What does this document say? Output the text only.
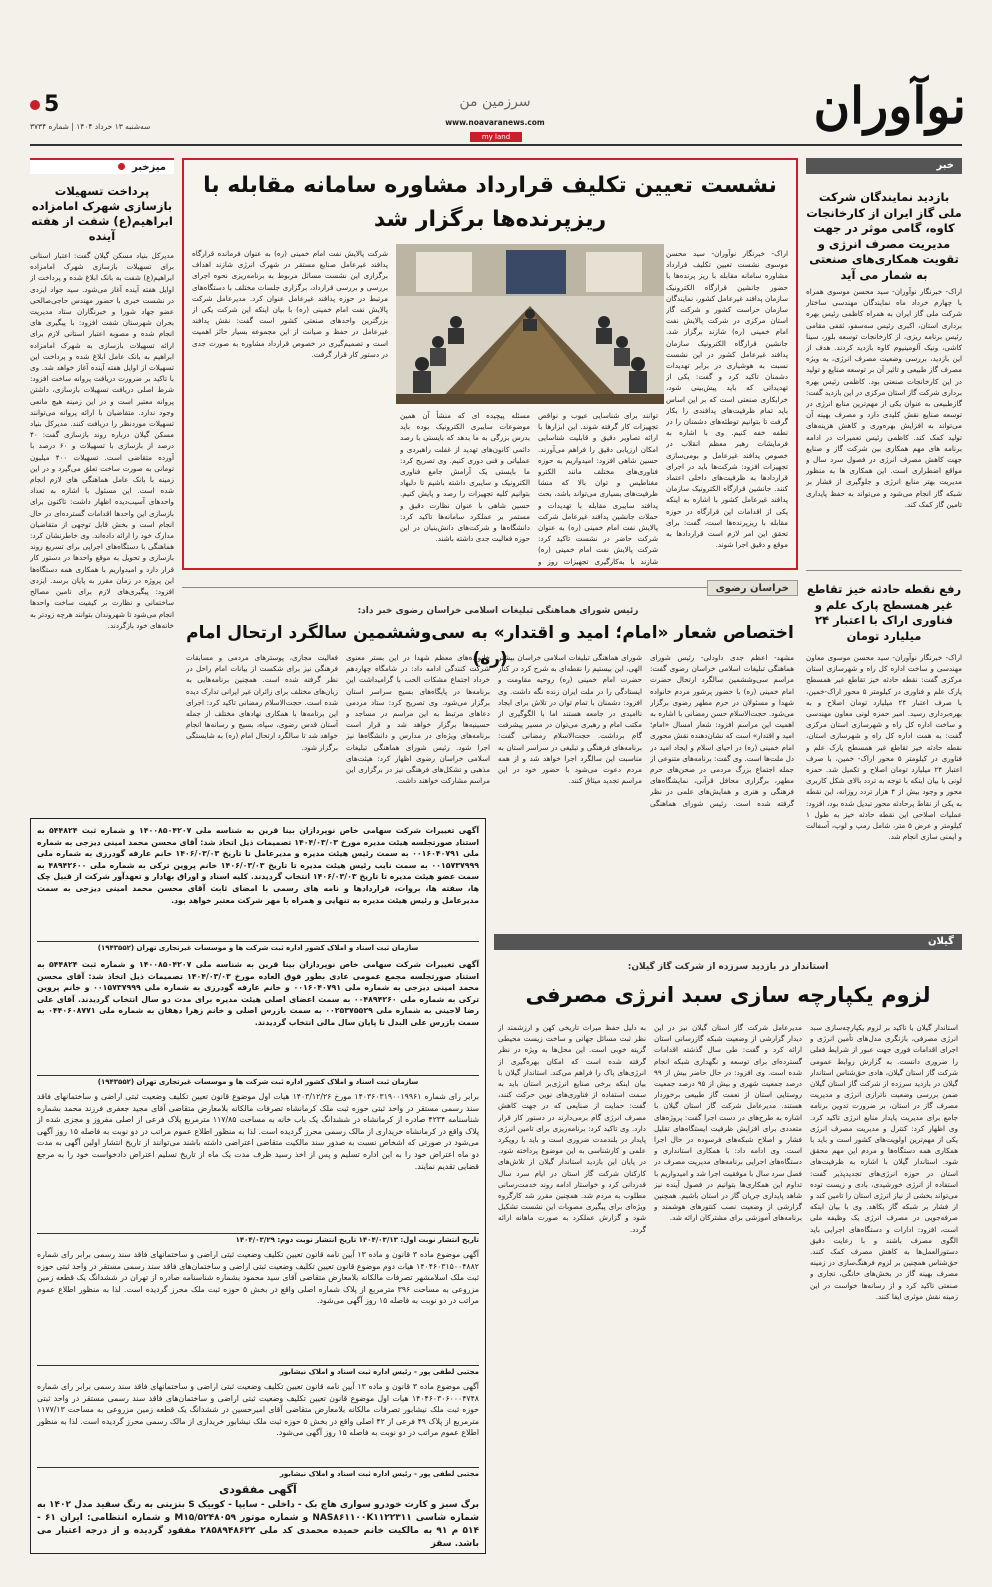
5
سه‌شنبه ۱۳ خرداد ۱۴۰۴ | شماره ۳۷۳۴
سرزمین من
www.noavaranews.com
my land
نوآوران
میزخبر
پرداخت تسهیلات بازسازی شهرک امامزاده ابراهیم(ع) شفت از هفته آینده
مدیرکل بنیاد مسکن گیلان گفت: اعتبار استانی برای تسهیلات بازسازی شهرک امامزاده ابراهیم(ع) شفت به بانک ابلاغ شده و پرداخت از اوایل هفته آینده آغاز می‌شود. سید جواد ایزدی در نشست خبری با حضور مهندس حاجی‌صالحی عضو جهاد شورا و خبرنگاران ستاد مدیریت بحران شهرستان شفت افزود: با پیگیری های انجام شده و مصوبه اعتبار استانی لازم برای ارائه تسهیلات بازسازی به شهرک امامزاده ابراهیم به بانک عامل ابلاغ شده و پرداخت این تسهیلات از اوایل هفته آینده آغاز خواهد شد. وی با تاکید بر ضرورت دریافت پروانه ساخت افزود: شرط اصلی دریافت تسهیلات بازسازی، داشتن پروانه معتبر است و در این زمینه هیچ مانعی وجود ندارد. متقاضیان با ارائه پروانه می‌توانند تسهیلات موردنظر را دریافت کنند. مدیرکل بنیاد مسکن گیلان درباره روند بازسازی گفت: ۴۰ درصد از بازسازی با تسهیلات و ۶۰ درصد با آورده متقاضی است. تسهیلات ۴۰۰ میلیون تومانی به صورت ساخت تعلق می‌گیرد و در این زمینه با بانک عامل هماهنگی های لازم انجام شده است. این مسئول با اشاره به تعداد واحدهای آسیب‌دیده اظهار داشت: تاکنون برای بازسازی این واحدها اقدامات گسترده‌ای در حال انجام است و بخش قابل توجهی از متقاضیان مدارک خود را ارائه داده‌اند. وی خاطرنشان کرد: هماهنگی با دستگاه‌های اجرایی برای تسریع روند بازسازی و تحویل به موقع واحدها در دستور کار قرار دارد و امیدواریم با همکاری همه دستگاه‌ها این پروژه در زمان مقرر به پایان برسد. ایزدی افزود: پیگیری‌های لازم برای تامین مصالح ساختمانی و نظارت بر کیفیت ساخت واحدها انجام می‌شود تا شهروندان بتوانند هرچه زودتر به خانه‌های خود بازگردند.
خبر
بازدید نمایندگان شرکت ملی گاز ایران از کارخانجات کاوه، گامی موثر در جهت مدیریت مصرف انرژی و تقویت همکاری‌های صنعتی به شمار می آید
اراک- خبرنگار نوآوران- سید محسن موسوی همراه با چهارم خرداد ماه نمایندگان مهندسی ساختار شرکت ملی گاز ایران به همراه کاظمی رئیس بهره برداری استان، اکبری رئیس سه‌سفو، ثقفی مقامی رئیس برنامه ریزی، از کارخانجات توسعه بلور، سینا کاشی، ونیک آلومینیوم کاوه بازدید کردند. هدف از این بازدید، بررسی وضعیت مصرف انرژی، به ویژه مصرف گاز طبیعی و تاثیر آن بر توسعه صنایع و تولید در این کارخانجات صنعتی بود. کاظمی رئیس بهره برداری شرکت گاز استان مرکزی در این بازدید گفت: گازطبیعی به عنوان یکی از مهم‌ترین منابع انرژی در توسعه صنایع نقش کلیدی دارد و مصرف بهینه آن می‌تواند به افزایش بهره‌وری و کاهش هزینه‌های تولید کمک کند. کاظمی رئیس تعمیرات در ادامه برنامه های مهم همکاری بین شرکت گاز و صنایع جهت کاهش مصرف انرژی در فصول سرد سال و مواقع اضطراری است. این همکاری ها به منظور مدیریت بهتر منابع انرژی و جلوگیری از فشار بر شبکه گاز انجام می‌شود و می‌تواند به حفظ پایداری تامین گاز کمک کند.
رفع نقطه حادثه خیز تقاطع غیر همسطح پارک علم و فناوری اراک با اعتبار ۲۴ میلیارد تومان
اراک- خبرنگار نوآوران- سید محسن موسوی معاون مهندسی و ساخت اداره کل راه و شهرسازی استان مرکزی گفت: نقطه حادثه خیز تقاطع غیر همسطح پارک علم و فناوری در کیلومتر ۵ محور اراک-خمین، با صرف اعتبار ۲۴ میلیارد تومان اصلاح و به بهره‌برداری رسید. امیر حمزه لونی معاون مهندسی و ساخت اداره کل راه و شهرسازی استان مرکزی گفت: به همت اداره کل راه و شهرسازی استان، نقطه حادثه خیز تقاطع غیر همسطح پارک علم و فناوری در کیلومتر ۵ محور اراک- خمین، با صرف اعتبار ۲۴ میلیارد تومان اصلاح و تکمیل شد. حمزه لونی با بیان اینکه با توجه به تردد بالای شکل کاربری محور و وجود بیش از ۴ هزار تردد روزانه، این نقطه به یکی از نقاط پرحادثه محور تبدیل شده بود، افزود: عملیات اصلاحی این نقطه حادثه خیز به طول ۱ کیلومتر و عرض ۵ متر، شامل رمپ و لوپ، آسفالت و ایمنی سازی انجام شد.
نشست تعیین تکلیف قرارداد مشاوره سامانه مقابله با
ریزپرنده‌ها برگزار شد
اراک- خبرنگار نوآوران- سید محسن موسوی نشست تعیین تکلیف قرارداد مشاوره سامانه مقابله با ریز پرنده‌ها با حضور جانشین قرارگاه الکترونیک سازمان پدافند غیرعامل کشور، نمایندگان سازمان حراست کشور و شرکت گاز استان مرکزی در شرکت پالایش نفت امام خمینی (ره) شازند برگزار شد. جانشین قرارگاه الکترونیک سازمان پدافند غیرعامل کشور در این نشست نسبت به هوشیاری در برابر تهدیدات دشمنان تاکید کرد و گفت: یکی از تهدیداتی که باید پیش‌بینی شود، خرابکاری صنعتی است که بر این اساس باید تمام ظرفیت‌های پدافندی را بکار گرفت تا بتوانیم توطئه‌های دشمنان را در نطفه خفه کنیم. وی با اشاره به فرمایشات رهبر معظم انقلاب در خصوص پدافند غیرعامل و بومی‌سازی تجهیزات افزود: شرکت‌ها باید در اجرای قراردادها به ظرفیت‌های داخلی اعتماد کنند. جانشین قرارگاه الکترونیک سازمان پدافند غیرعامل کشور با اشاره به اینکه یکی از اقدامات این قرارگاه در حوزه مقابله با ریزپرنده‌ها است، گفت: برای تحقق این امر لازم است قراردادها به موقع و دقیق اجرا شوند.
توانند برای شناسایی عیوب و نواقص تجهیزات کار گرفته شوند. این ابزارها با ارائه تصاویر دقیق و قابلیت شناسایی امکان ارزیابی دقیق را فراهم می‌آورند. حسین شاهی افزود: امیدواریم به حوزه فناوری‌های مختلف مانند الکترو مغناطیس و توان بالا که منشا ظرفیت‌های بسیاری می‌تواند باشد، بحث پدافند سایبری مقابله با تهدیدات و حملات جانشین پدافند غیرعامل شرکت پالایش نفت امام خمینی (ره) به عنوان شرکت حاضر در نشست تاکید کرد: شرکت پالایش نفت امام خمینی (ره) شازند با به‌کارگیری تجهیزات روز و
مسئله پیچیده ای که منشأ آن همین موضوعات سایبری الکترونیک بوده باید بدرس بزرگی به ما بدهد که بایستی با رصد دائمی کانون‌های تهدید از غفلت راهبردی و عملیاتی و فنی دوری کنیم. وی تصریح کرد: ما بایستی یک آرامش جامع فناوری الکترونیک و سایبری داشته باشیم تا دلبهاد بتوانیم کلیه تجهیزات را رصد و پایش کنیم. حسین شاهی با عنوان نظارت دقیق و مستمر بر عملکرد سامانه‌ها تاکید کرد: دانشگاه‌ها و شرکت‌های دانش‌بنیان در این حوزه فعالیت جدی داشته باشند.
شرکت پالایش نفت امام خمینی (ره) به عنوان فرمانده قرارگاه پدافند غیرعامل صنایع مستقر در شهرک انرژی شازند اهداف برگزاری این نشست مسائل مربوط به برنامه‌ریزی نحوه اجرای بررسی و بررسی قرارداد، برگزاری جلسات مختلف با دستگاه‌های مرتبط در حوزه پدافند غیرعامل عنوان کرد. مدیرعامل شرکت پالایش نفت امام خمینی (ره) با بیان اینکه این شرکت یکی از بزرگترین واحدهای صنعتی کشور است گفت: نقش پدافند غیرعامل در حفظ و صیانت از این مجموعه بسیار حائز اهمیت است و تصمیم‌گیری در خصوص قرارداد مشاوره به صورت جدی در دستور کار قرار گرفت.
خراسان رضوی
رئیس شورای هماهنگی تبلیغات اسلامی خراسان رضوی خبر داد:
اختصاص شعار «امام؛ امید و اقتدار» به سی‌وششمین سالگرد ارتحال امام (ره)	مشهد- اعظم جدی داودلی- رئیس شورای هماهنگی تبلیغات اسلامی خراسان رضوی گفت: مراسم سی‌وششمین سالگرد ارتحال حضرت امام خمینی (ره) با حضور پرشور مردم خانواده شهدا و مسئولان در حرم مطهر رضوی برگزار می‌شود. حجت‌الاسلام حسن رمضانی با اشاره به اهمیت این مراسم افزود: شعار امسال «امام؛ امید و اقتدار» است که نشان‌دهنده نقش محوری امام خمینی (ره) در احیای اسلام و ایجاد امید در دل ملت‌ها است. وی گفت: برنامه‌های متنوعی از جمله اجتماع بزرگ مردمی در صحن‌های حرم مطهر، برگزاری محافل قرآنی، نمایشگاه‌های فرهنگی و هنری و همایش‌های علمی در نظر گرفته شده است. رئیس شورای هماهنگی
شورای هماهنگی تبلیغات اسلامی خراسان بیشتر الهی، این بیستیم را نقطه‌ای به شرح کرد در کنار حضرت امام خمینی (ره) روحیه مقاومت و ایستادگی را در ملت ایران زنده نگه داشت. وی افزود: دشمنان با تمام توان در تلاش برای ایجاد ناامیدی در جامعه هستند اما با الگوگیری از مکتب امام و رهبری می‌توان در مسیر پیشرفت گام برداشت. حجت‌الاسلام رمضانی گفت: برنامه‌های فرهنگی و تبلیغی در سراسر استان به مناسبت این سالگرد اجرا خواهد شد و از همه مردم دعوت می‌شود با حضور خود در این مراسم تجدید میثاق کنند.
خانواده‌های معظم شهدا در این بستر معنوی شرکت کنندگی ادامه داد: در شامگاه چهاردهم خرداد اجتماع مشکات الحب با گرامیداشت این برنامه‌ها در پایگاه‌های بسیج سراسر استان برگزار می‌شود. وی تصریح کرد: ستاد مردمی دعاهای مرتبط به این مراسم در مساجد و حسینیه‌ها برگزار خواهد شد و قرار است برنامه‌های ویژه‌ای در مدارس و دانشگاه‌ها نیز اجرا شود. رئیس شورای هماهنگی تبلیغات اسلامی خراسان رضوی اظهار کرد: هیئت‌های مذهبی و تشکل‌های فرهنگی نیز در برگزاری این مراسم مشارکت خواهند داشت.
فعالیت مجازی، پوسترهای مردمی و مسابقات فرهنگی نیز برای شکست از بیانات امام راحل در نظر گرفته شده است. همچنین برنامه‌هایی به زبان‌های مختلف برای زائران غیر ایرانی تدارک دیده شده است. حجت‌الاسلام رمضانی تاکید کرد: اجرای این برنامه‌ها با همکاری نهادهای مختلف از جمله آستان قدس رضوی، سپاه، بسیج و رسانه‌ها انجام خواهد شد تا سالگرد ارتحال امام (ره) به شایستگی برگزار شود.
گیلان
استاندار در بازدید سرزده از شرکت گاز گیلان:
لزوم یکپارچه سازی سبد انرژی مصرفی
استاندار گیلان با تاکید بر لزوم یکپارچه‌سازی سبد انرژی مصرفی، بازنگری مدل‌های تأمین انرژی و اجرای اقدامات فوری جهت عبور از شرایط فعلی را ضروری دانست. به گزارش روابط عمومی شرکت گاز استان گیلان، هادی حق‌شناس استاندار گیلان در بازدید سرزده از شرکت گاز استان گیلان ضمن بررسی وضعیت ناترازی انرژی و مدیریت مصرف گاز در استان، بر ضرورت تدوین برنامه جامع برای مدیریت پایدار منابع انرژی تاکید کرد. وی اظهار کرد: کنترل و مدیریت مصرف انرژی یکی از مهم‌ترین اولویت‌های کشور است و باید با همکاری همه دستگاه‌ها و مردم این مهم محقق شود. استاندار گیلان با اشاره به ظرفیت‌های استان در حوزه انرژی‌های تجدیدپذیر گفت: استفاده از انرژی خورشیدی، بادی و زیست توده می‌تواند بخشی از نیاز انرژی استان را تامین کند و از فشار بر شبکه گاز بکاهد. وی با بیان اینکه صرفه‌جویی در مصرف انرژی یک وظیفه ملی است، افزود: ادارات و دستگاه‌های اجرایی باید الگوی مصرف باشند و با رعایت دقیق دستورالعمل‌ها به کاهش مصرف کمک کنند. حق‌شناس همچنین بر لزوم فرهنگ‌سازی در زمینه مصرف بهینه گاز در بخش‌های خانگی، تجاری و صنعتی تاکید کرد و از رسانه‌ها خواست در این زمینه نقش موثری ایفا کنند.
مدیرعامل شرکت گاز استان گیلان نیز در این دیدار گزارشی از وضعیت شبکه گازرسانی استان ارائه کرد و گفت: طی سال گذشته اقدامات گسترده‌ای برای توسعه و نگهداری شبکه انجام شده است. وی افزود: در حال حاضر بیش از ۹۹ درصد جمعیت شهری و بیش از ۹۵ درصد جمعیت روستایی استان از نعمت گاز طبیعی برخوردار هستند. مدیرعامل شرکت گاز استان گیلان با اشاره به طرح‌های در دست اجرا گفت: پروژه‌های متعددی برای افزایش ظرفیت ایستگاه‌های تقلیل فشار و اصلاح شبکه‌های فرسوده در حال اجرا است. وی ادامه داد: با همکاری استانداری و دستگاه‌های اجرایی برنامه‌های مدیریت مصرف در فصل سرد سال با موفقیت اجرا شد و امیدواریم با تداوم این همکاری‌ها بتوانیم در فصول آینده نیز شاهد پایداری جریان گاز در استان باشیم. همچنین گزارشی از وضعیت نصب کنتورهای هوشمند و برنامه‌های آموزشی برای مشترکان ارائه شد.
به دلیل حفظ میراث تاریخی کهن و ارزشمند از نظر ثبت مسائل جهانی و ساخت زیست محیطی گزینه خوبی است. این محل‌ها به ویژه در نظر گرفته شده است که امکان بهره‌گیری از انرژی‌های پاک را فراهم می‌کند. استاندار گیلان با بیان اینکه برخی صنایع انرژی‌بر استان باید به سمت استفاده از فناوری‌های نوین حرکت کنند، گفت: حمایت از صنایعی که در جهت کاهش مصرف انرژی گام برمی‌دارند در دستور کار قرار دارد. وی تاکید کرد: برنامه‌ریزی برای تامین انرژی پایدار در بلندمدت ضروری است و باید با رویکرد علمی و کارشناسی به این موضوع پرداخته شود. در پایان این بازدید استاندار گیلان از تلاش‌های کارکنان شرکت گاز استان در ایام سرد سال قدردانی کرد و خواستار ادامه روند خدمت‌رسانی مطلوب به مردم شد. همچنین مقرر شد کارگروه ویژه‌ای برای پیگیری مصوبات این نشست تشکیل شود و گزارش عملکرد به صورت ماهانه ارائه گردد.
آگهی تغییرات شرکت سهامی خاص نوپردازان بینا قرین به شناسه ملی ۱۴۰۰۸۵۰۴۲۰۷ و شماره ثبت ۵۴۴۸۲۴ به استناد صورتجلسه هیئت مدیره مورخ ۱۴۰۴/۰۳/۰۳ تصمیمات ذیل اتخاذ شد: آقای محسن محمد امینی دیزجی به شماره ملی ۰۰۱۶۰۴۰۷۹۱ به سمت رئیس هیئت مدیره و مدیرعامل تا تاریخ ۱۴۰۶/۰۳/۰۳ خانم عارفه گودرزی به شماره ملی ۰۰۱۵۷۳۷۹۹۹ به سمت نایب رئیس هیئت مدیره تا تاریخ ۱۴۰۶/۰۳/۰۳ خانم پروین ترکی به شماره ملی ۴۸۹۴۲۶۰۰ به سمت عضو هیئت مدیره تا تاریخ ۱۴۰۶/۰۳/۰۳ انتخاب گردیدند. کلیه اسناد و اوراق بهادار و تعهدآور شرکت از قبیل چک ها، سفته ها، بروات، قراردادها و نامه های رسمی با امضای ثابت آقای محسن محمد امینی دیزجی به سمت مدیرعامل و رئیس هیئت مدیره به تنهایی و همراه با مهر شرکت معتبر خواهد بود.
سازمان ثبت اسناد و املاک کشور اداره ثبت شرکت ها و موسسات غیرتجاری تهران (۱۹۴۳۵۵۲)
آگهی تغییرات شرکت سهامی خاص نوپردازان بینا قرین به شناسه ملی ۱۴۰۰۸۵۰۴۲۰۷ و شماره ثبت ۵۴۴۸۲۴ به استناد صورتجلسه مجمع عمومی عادی بطور فوق العاده مورخ ۱۴۰۴/۰۳/۰۳ تصمیمات ذیل اتخاذ شد: آقای محسن محمد امینی دیزجی به شماره ملی ۰۰۱۶۰۴۰۷۹۱ و خانم عارفه گودرزی به شماره ملی ۰۰۱۵۷۳۷۹۹۹ و خانم پروین ترکی به شماره ملی ۰۰۴۸۹۴۲۶۰ به سمت اعضای اصلی هیئت مدیره برای مدت دو سال انتخاب گردیدند. آقای علی رضا لاجینی به شماره ملی ۰۰۲۵۳۷۵۵۲۹ به سمت بازرس اصلی و خانم زهرا دهقان به شماره ملی ۰۴۴۰۶۰۸۷۷۱ به سمت بازرس علی البدل تا پایان سال مالی انتخاب گردیدند.
سازمان ثبت اسناد و املاک کشور اداره ثبت شرکت ها و موسسات غیرتجاری تهران (۱۹۴۳۵۵۲)
برابر رای شماره ۱۴۰۳۶۰۳۱۹۰۰۱۹۹۶۱ مورخ ۱۴۰۳/۱۲/۲۶ هیات اول موضوع قانون تعیین تکلیف وضعیت ثبتی اراضی و ساختمانهای فاقد سند رسمی مستقر در واحد ثبتی حوزه ثبت ملک کرمانشاه تصرفات مالکانه بلامعارض متقاضی آقای مجید جعفری فرزند محمد بشماره شناسنامه ۴۲۳۴ صادره از کرمانشاه در ششدانگ یک باب خانه به مساحت ۱۱۷/۸۵ مترمربع پلاک فرعی از اصلی مفروز و مجزی شده از پلاک واقع در کرمانشاه خریداری از مالک رسمی محرز گردیده است. لذا به منظور اطلاع عموم مراتب در دو نوبت به فاصله ۱۵ روز آگهی می‌شود در صورتی که اشخاص نسبت به صدور سند مالکیت متقاضی اعتراضی داشته باشند می‌توانند از تاریخ انتشار اولین آگهی به مدت دو ماه اعتراض خود را به این اداره تسلیم و پس از اخذ رسید ظرف مدت یک ماه از تاریخ تسلیم اعتراض دادخواست خود را به مرجع قضایی تقدیم نمایند.
تاریخ انتشار نوبت اول: ۱۴۰۴/۰۳/۱۳ تاریخ انتشار نوبت دوم: ۱۴۰۴/۰۳/۲۹
آگهی موضوع ماده ۳ قانون و ماده ۱۳ آیین نامه قانون تعیین تکلیف وضعیت ثبتی اراضی و ساختمانهای فاقد سند رسمی برابر رای شماره ۱۴۰۴۶۰۳۱۵۰۰۴۸۸۲ هیات دوم موضوع قانون تعیین تکلیف وضعیت ثبتی اراضی و ساختمان‌های فاقد سند رسمی مستقر در واحد ثبتی حوزه ثبت ملک اسلامشهر تصرفات مالکانه بلامعارض متقاضی آقای سید محمود بشماره شناسنامه صادره از تهران در ششدانگ یک قطعه زمین مزروعی به مساحت ۳۹۶ مترمربع از پلاک شماره اصلی واقع در بخش ۵ حوزه ثبت ملک محرز گردیده است. لذا به منظور اطلاع عموم مراتب در دو نوبت به فاصله ۱۵ روز آگهی می‌شود.
مجتبی لطفی پور - رئیس اداره ثبت اسناد و املاک نیشابور
آگهی موضوع ماده ۳ قانون و ماده ۱۳ آیین نامه قانون تعیین تکلیف وضعیت ثبتی اراضی و ساختمانهای فاقد سند رسمی برابر رای شماره ۱۴۰۴۶۰۳۰۶۰۰۰۴۷۴۸ هیات اول موضوع قانون تعیین تکلیف وضعیت ثبتی اراضی و ساختمان‌های فاقد سند رسمی مستقر در واحد ثبتی حوزه ثبت ملک نیشابور تصرفات مالکانه بلامعارض متقاضی آقای امیرحسین در ششدانگ یک قطعه زمین مزروعی به مساحت ۱۱۷۷/۱۳ مترمربع از پلاک ۴۹ فرعی از ۴۲ اصلی واقع در بخش ۵ حوزه ثبت ملک نیشابور خریداری از مالک رسمی محرز گردیده است. لذا به منظور اطلاع عموم مراتب در دو نوبت به فاصله ۱۵ روز آگهی می‌شود.
مجتبی لطفی پور - رئیس اداره ثبت اسناد و املاک نیشابور
آگهی مفقودی
برگ سبز و کارت خودرو سواری هاچ بک - داخلی - سایپا - کوییک S بنزینی به رنگ سفید مدل ۱۴۰۲ به شماره شاسی NAS۸۶۱۱۰۰K۱۱۲۲۳۱۱ و شماره موتور M۱۵/۵۲۴۸۰۵۹ و شماره انتظامی: ایران ۶۱ - ۵۱۴ م ۹۱ به مالکیت خانم حمیده محمدی کد ملی ۲۸۵۸۹۴۸۶۲۲ مفقود گردیده و از درجه اعتبار می باشد. سقز
